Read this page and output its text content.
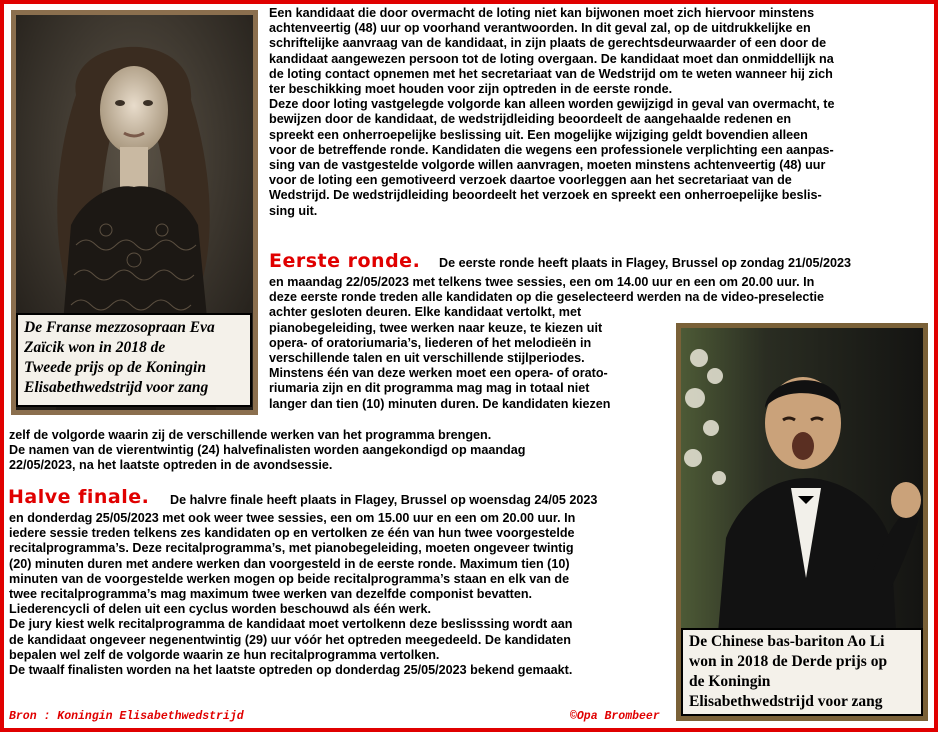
De Franse mezzosopraan Eva
Zaïcik won in 2018 de
Tweede prijs op de Koningin
Elisabethwedstrijd voor zang
De Chinese bas-bariton Ao Li
won in 2018 de Derde prijs op
de Koningin
Elisabethwedstrijd voor zang
Een kandidaat die door overmacht de loting niet kan bijwonen moet zich hiervoor minstens
achtenveertig (48) uur op voorhand verantwoorden. In dit geval zal, op de uitdrukkelijke en
schriftelijke aanvraag van de kandidaat, in zijn plaats de gerechtsdeurwaarder of een door de
kandidaat aangewezen persoon tot de loting overgaan. De kandidaat moet dan onmiddellijk na
de loting contact opnemen met het secretariaat van de Wedstrijd om te weten wanneer hij zich
ter beschikking moet houden voor zijn optreden in de eerste ronde.
Deze door loting vastgelegde volgorde kan alleen worden gewijzigd in geval van overmacht, te
bewijzen door de kandidaat, de wedstrijdleiding beoordeelt de aangehaalde redenen en
spreekt een onherroepelijke beslissing uit. Een mogelijke wijziging geldt bovendien alleen
voor de betreffende ronde. Kandidaten die wegens een professionele verplichting een aanpas-
sing van de vastgestelde volgorde willen aanvragen, moeten minstens achtenveertig (48) uur
voor de loting een gemotiveerd verzoek daartoe voorleggen aan het secretariaat van de
Wedstrijd. De wedstrijdleiding beoordeelt het verzoek en spreekt een onherroepelijke beslis-
sing uit.
Eerste ronde. De eerste ronde heeft plaats in Flagey, Brussel op zondag 21/05/2023
en maandag 22/05/2023 met telkens twee sessies, een om 14.00 uur en een om 20.00 uur. In
deze eerste ronde treden alle kandidaten op die geselecteerd werden na de video-preselectie
achter gesloten deuren. Elke kandidaat vertolkt, met
pianobegeleiding, twee werken naar keuze, te kiezen uit
opera- of oratoriumaria’s, liederen of het melodieën in
verschillende talen en uit verschillende stijlperiodes.
Minstens één van deze werken moet een opera- of orato-
riumaria zijn en dit programma mag mag in totaal niet
langer dan tien (10) minuten duren. De kandidaten kiezen
zelf de volgorde waarin zij de verschillende werken van het programma brengen.
De namen van de vierentwintig (24) halvefinalisten worden aangekondigd op maandag
22/05/2023, na het laatste optreden in de avondsessie.
Halve finale. De halvre finale heeft plaats in Flagey, Brussel op woensdag 24/05 2023
en donderdag 25/05/2023 met ook weer twee sessies, een om 15.00 uur en een om 20.00 uur. In
iedere sessie treden telkens zes kandidaten op en vertolken ze één van hun twee voorgestelde
recitalprogramma’s. Deze recitalprogramma’s, met pianobegeleiding, moeten ongeveer twintig
(20) minuten duren met andere werken dan voorgesteld in de eerste ronde. Maximum tien (10)
minuten van de voorgestelde werken mogen op beide recitalprogramma’s staan en elk van de
twee recitalprogramma’s mag maximum twee werken van dezelfde componist bevatten.
Liederencycli of delen uit een cyclus worden beschouwd als één werk.
De jury kiest welk recitalprogramma de kandidaat moet vertolkenn deze beslisssing wordt aan
de kandidaat ongeveer negenentwintig (29) uur vóór het optreden meegedeeld. De kandidaten
bepalen wel zelf de volgorde waarin ze hun recitalprogramma vertolken.
De twaalf finalisten worden na het laatste optreden op donderdag 25/05/2023 bekend gemaakt.
Bron : Koningin Elisabethwedstrijd	©Opa Brombeer
